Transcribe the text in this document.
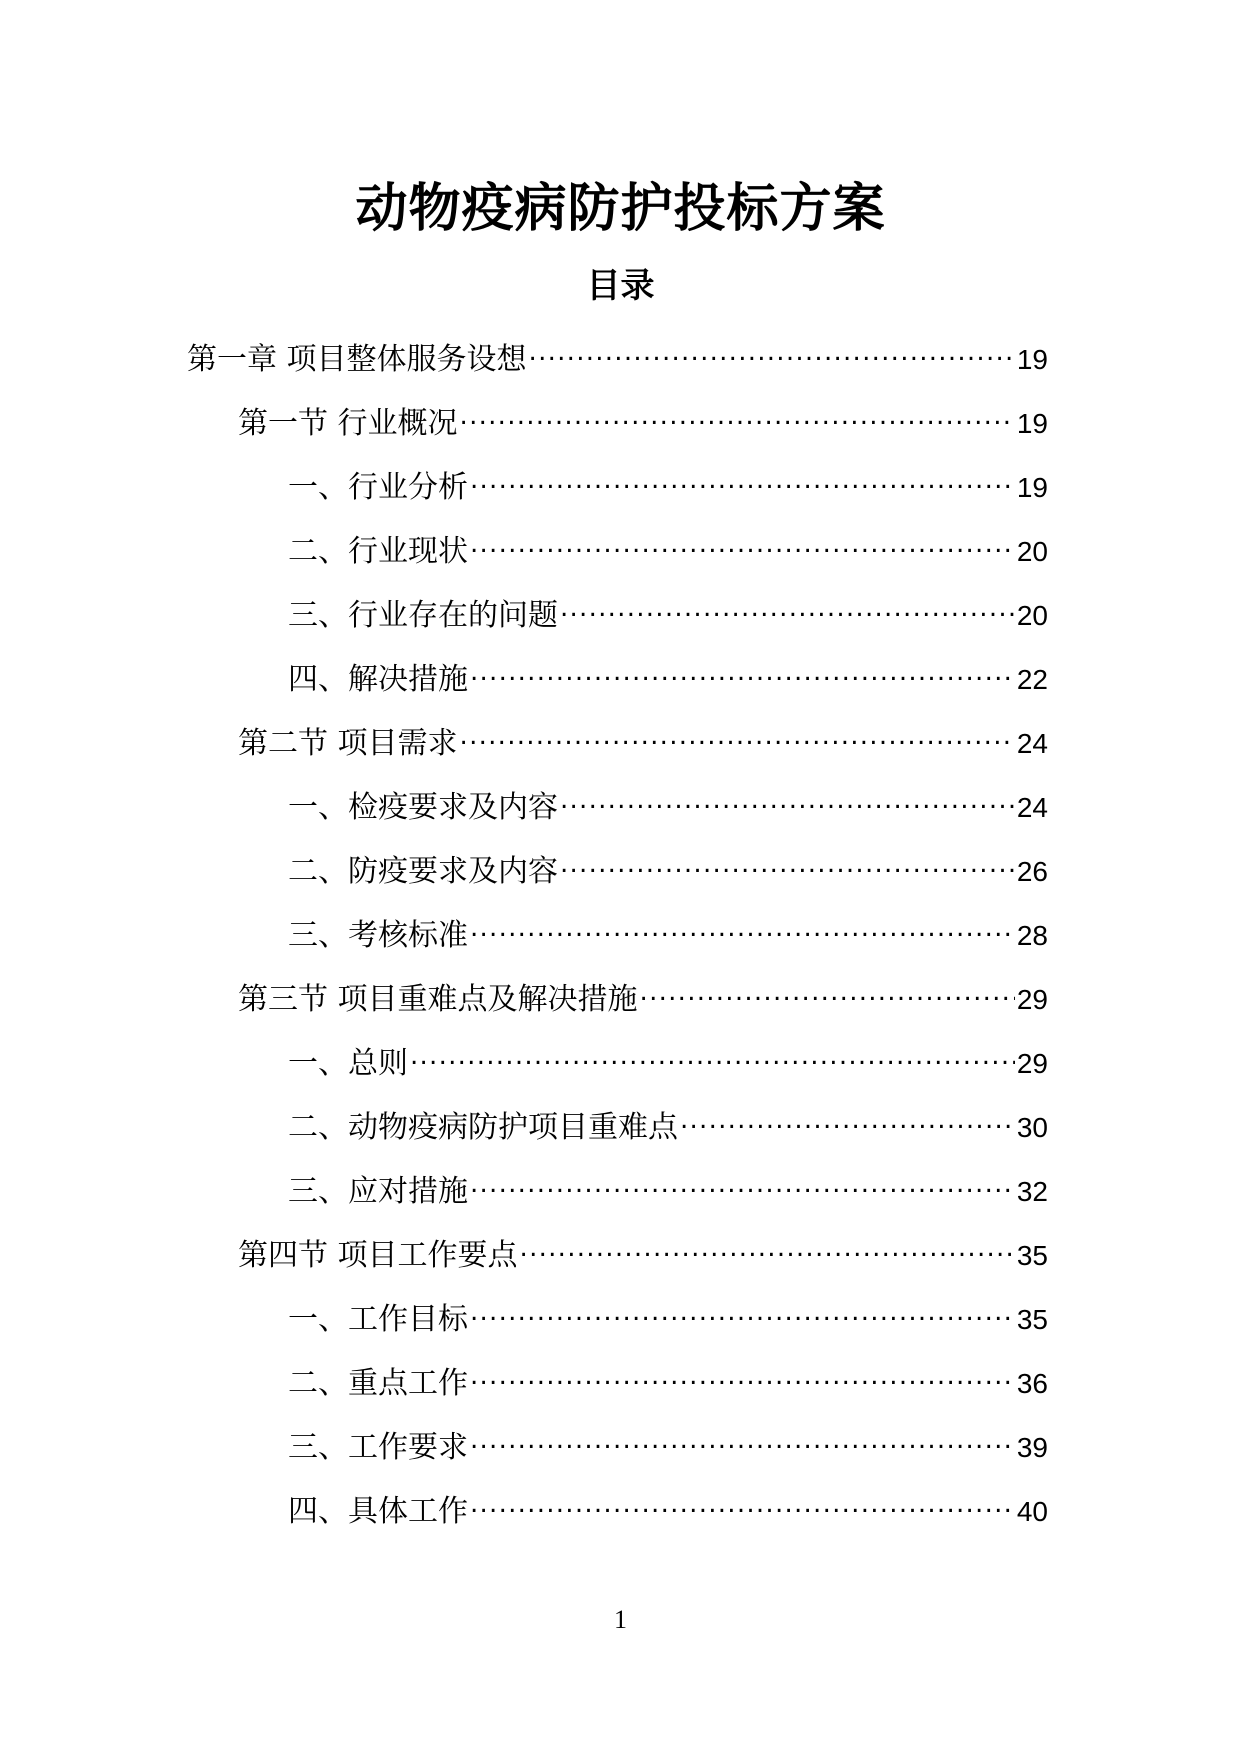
动物疫病防护投标方案
目录
第一章 项目整体服务设想 . . .	19
第一节 行业概况 . . .	19
一、行业分析 . . .	19
二、行业现状 . . .	20
三、行业存在的问题 . . .	20
四、解决措施 . . .	22
第二节 项目需求 . . .	24
一、检疫要求及内容 . . .	24
二、防疫要求及内容 . . .	26
三、考核标准 . . .	28
第三节 项目重难点及解决措施 . . .	29
一、总则 . . .	29
二、动物疫病防护项目重难点 . . .	30
三、应对措施 . . .	32
第四节 项目工作要点 . . .	35
一、工作目标 . . .	35
二、重点工作 . . .	36
三、工作要求 . . .	39
四、具体工作 . . .	40
1
